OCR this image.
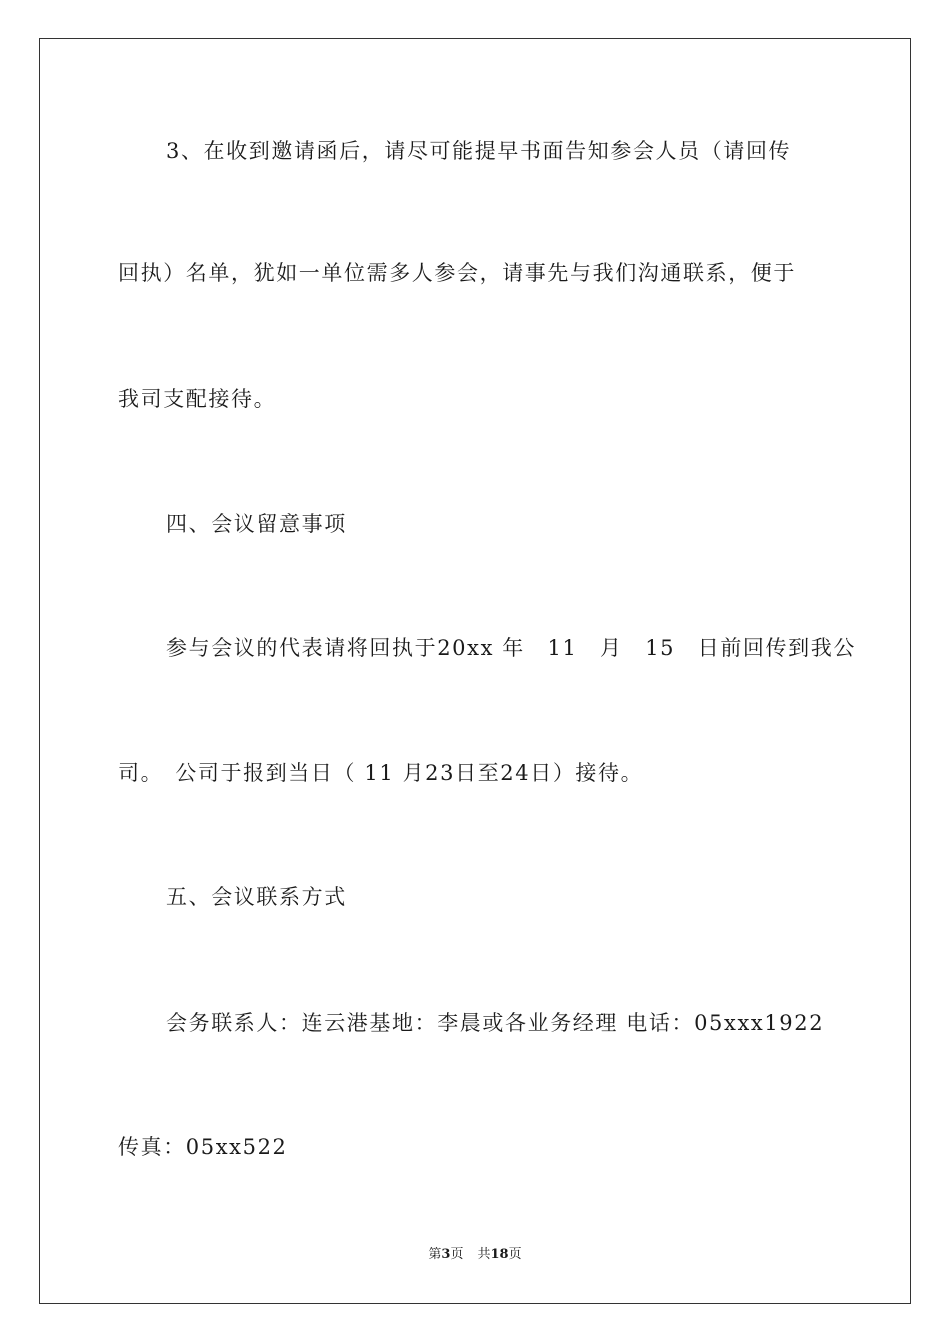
3、在收到邀请函后，请尽可能提早书面告知参会人员（请回传
回执）名单，犹如一单位需多人参会，请事先与我们沟通联系，便于
我司支配接待。
四、会议留意事项
参与会议的代表请将回执于20xx 年　11　月　15　日前回传到我公
司。　公司于报到当日（ 11 月23日至24日）接待。
五、会议联系方式
会务联系人：连云港基地：李晨或各业务经理 电话：05xxx1922
传真：05xx522
第3页 共18页
